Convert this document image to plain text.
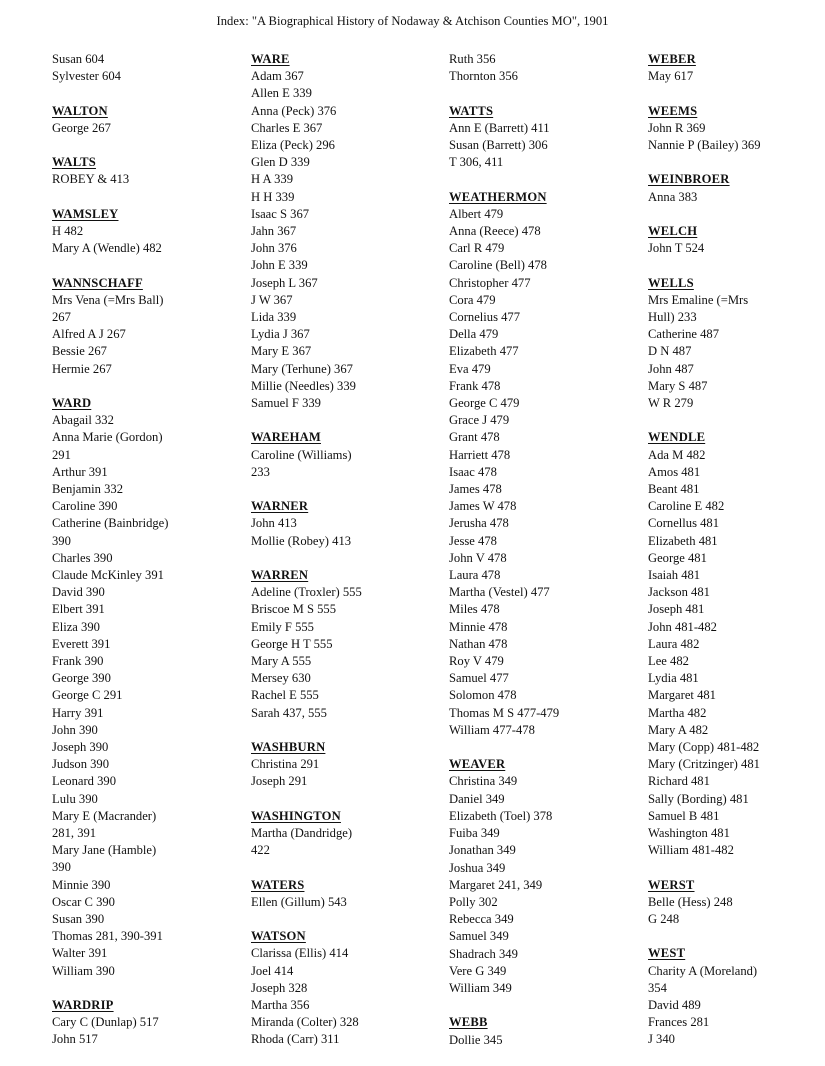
Index: "A Biographical History of Nodaway & Atchison Counties MO", 1901
Susan 604
Sylvester 604
WALTON
George 267
WALTS
ROBEY & 413
WAMSLEY
H 482
Mary A (Wendle) 482
WANNSCHAFF
Mrs Vena (=Mrs Ball)
267
Alfred A J 267
Bessie 267
Hermie 267
WARD
Abagail 332
Anna Marie (Gordon)
291
Arthur 391
Benjamin 332
Caroline 390
Catherine (Bainbridge)
390
Charles 390
Claude McKinley 391
David 390
Elbert 391
Eliza 390
Everett 391
Frank 390
George 390
George C 291
Harry 391
John 390
Joseph 390
Judson 390
Leonard 390
Lulu 390
Mary E (Macrander)
281, 391
Mary Jane (Hamble)
390
Minnie 390
Oscar C 390
Susan 390
Thomas 281, 390-391
Walter 391
William 390
WARDRIP
Cary C (Dunlap) 517
John 517
WARE
Adam 367
Allen E 339
Anna (Peck) 376
Charles E 367
Eliza (Peck) 296
Glen D 339
H A 339
H H 339
Isaac S 367
Jahn 367
John 376
John E 339
Joseph L 367
J W 367
Lida 339
Lydia J 367
Mary E 367
Mary (Terhune) 367
Millie (Needles) 339
Samuel F 339
WAREHAM
Caroline (Williams)
233
WARNER
John 413
Mollie (Robey) 413
WARREN
Adeline (Troxler) 555
Briscoe M S 555
Emily F 555
George H T 555
Mary A 555
Mersey 630
Rachel E 555
Sarah 437, 555
WASHBURN
Christina 291
Joseph 291
WASHINGTON
Martha (Dandridge)
422
WATERS
Ellen (Gillum) 543
WATSON
Clarissa (Ellis) 414
Joel 414
Joseph 328
Martha 356
Miranda (Colter) 328
Rhoda (Carr) 311
Ruth 356
Thornton 356
WATTS
Ann E (Barrett) 411
Susan (Barrett) 306
T 306, 411
WEATHERMON
Albert 479
Anna (Reece) 478
Carl R 479
Caroline (Bell) 478
Christopher 477
Cora 479
Cornelius 477
Della 479
Elizabeth 477
Eva 479
Frank 478
George C 479
Grace J 479
Grant 478
Harriett 478
Isaac 478
James 478
James W 478
Jerusha 478
Jesse 478
John V 478
Laura 478
Martha (Vestel) 477
Miles 478
Minnie 478
Nathan 478
Roy V 479
Samuel 477
Solomon 478
Thomas M S 477-479
William 477-478
WEAVER
Christina 349
Daniel 349
Elizabeth (Toel) 378
Fuiba 349
Jonathan 349
Joshua 349
Margaret 241, 349
Polly 302
Rebecca 349
Samuel 349
Shadrach 349
Vere G 349
William 349
WEBB
Dollie 345
WEBER
May 617
WEEMS
John R 369
Nannie P (Bailey) 369
WEINBROER
Anna 383
WELCH
John T 524
WELLS
Mrs Emaline (=Mrs
Hull) 233
Catherine 487
D N 487
John 487
Mary S 487
W R 279
WENDLE
Ada M 482
Amos 481
Beant 481
Caroline E 482
Cornellus 481
Elizabeth 481
George 481
Isaiah 481
Jackson 481
Joseph 481
John 481-482
Laura 482
Lee 482
Lydia 481
Margaret 481
Martha 482
Mary A 482
Mary (Copp) 481-482
Mary (Critzinger) 481
Richard 481
Sally (Bording) 481
Samuel B 481
Washington 481
William 481-482
WERST
Belle (Hess) 248
G 248
WEST
Charity A (Moreland)
354
David 489
Frances 281
J 340
